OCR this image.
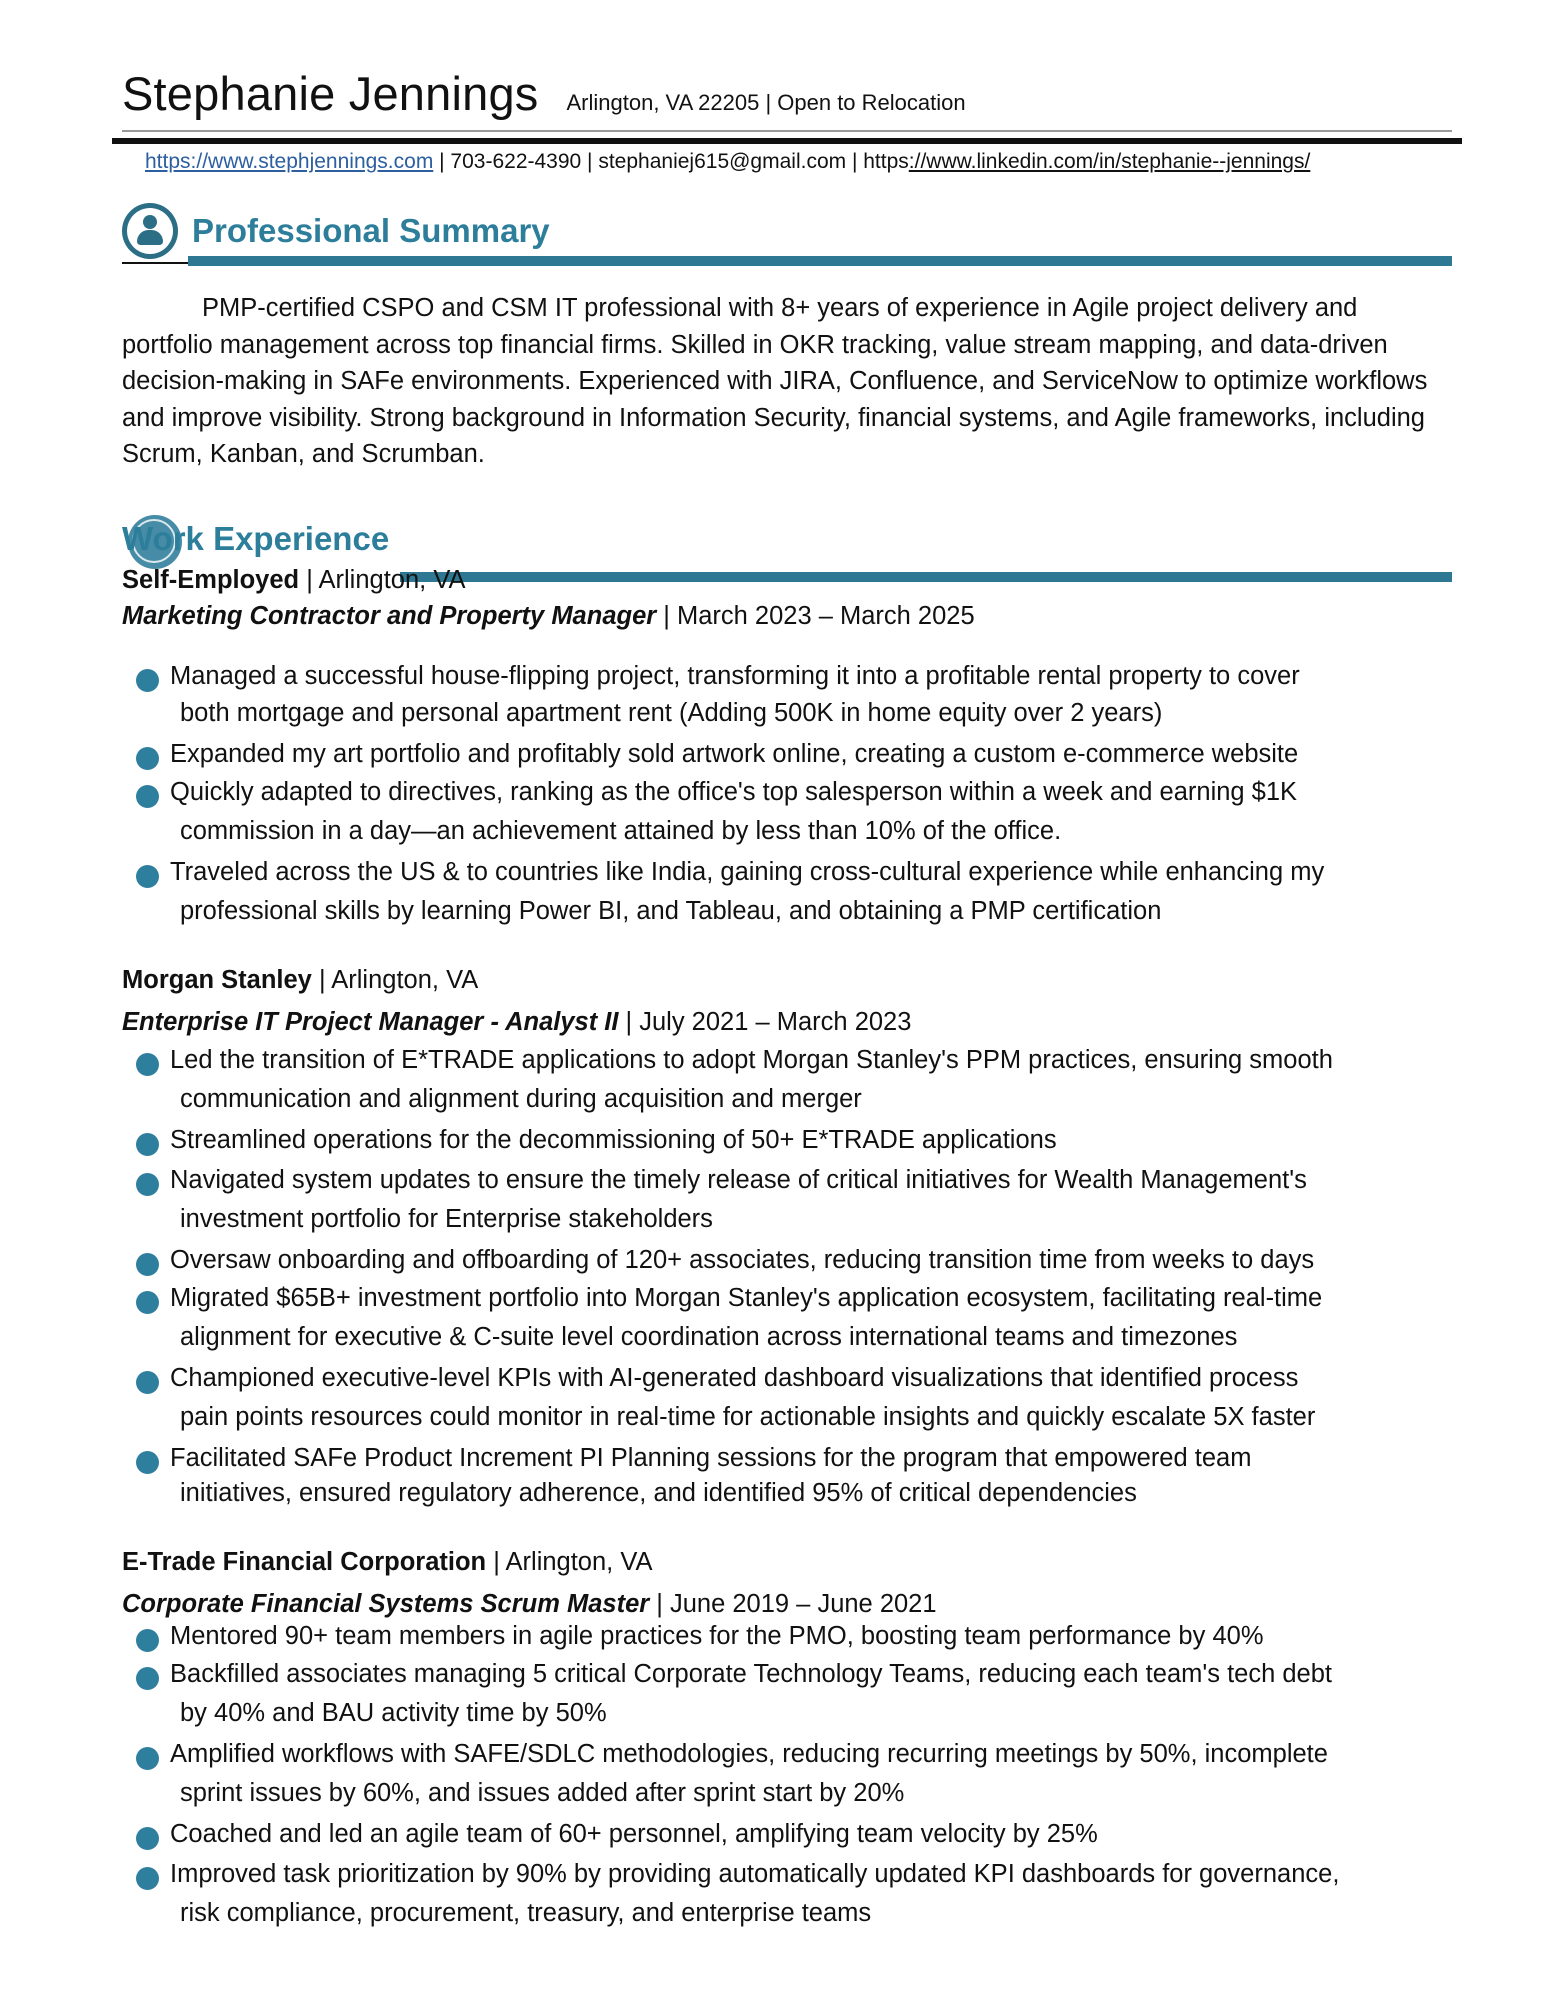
Stephanie Jennings Arlington, VA 22205 | Open to Relocation
https://www.stephjennings.com | 703-622-4390 | stephaniej615@gmail.com | https://www.linkedin.com/in/stephanie--jennings/
Professional Summary

PMP-certified CSPO and CSM IT professional with 8+ years of experience in Agile project delivery and portfolio management across top financial firms. Skilled in OKR tracking, value stream mapping, and data-driven decision-making in SAFe environments. Experienced with JIRA, Confluence, and ServiceNow to optimize workflows and improve visibility. Strong background in Information Security, financial systems, and Agile frameworks, including Scrum, Kanban, and Scrumban.

Work Experience
Self-Employed | Arlington, VA
Marketing Contractor and Property Manager | March 2023 – March 2025
Managed a successful house-flipping project, transforming it into a profitable rental property to cover
both mortgage and personal apartment rent (Adding 500K in home equity over 2 years)
Expanded my art portfolio and profitably sold artwork online, creating a custom e-commerce website
Quickly adapted to directives, ranking as the office's top salesperson within a week and earning $1K
commission in a day—an achievement attained by less than 10% of the office.
Traveled across the US & to countries like India, gaining cross-cultural experience while enhancing my
professional skills by learning Power BI, and Tableau, and obtaining a PMP certification
Morgan Stanley | Arlington, VA
Enterprise IT Project Manager - Analyst II | July 2021 – March 2023
Led the transition of E*TRADE applications to adopt Morgan Stanley's PPM practices, ensuring smooth
communication and alignment during acquisition and merger
Streamlined operations for the decommissioning of 50+ E*TRADE applications
Navigated system updates to ensure the timely release of critical initiatives for Wealth Management's
investment portfolio for Enterprise stakeholders
Oversaw onboarding and offboarding of 120+ associates, reducing transition time from weeks to days
Migrated $65B+ investment portfolio into Morgan Stanley's application ecosystem, facilitating real-time
alignment for executive & C-suite level coordination across international teams and timezones
Championed executive-level KPIs with AI-generated dashboard visualizations that identified process
pain points resources could monitor in real-time for actionable insights and quickly escalate 5X faster
Facilitated SAFe Product Increment PI Planning sessions for the program that empowered team
initiatives, ensured regulatory adherence, and identified 95% of critical dependencies
E-Trade Financial Corporation | Arlington, VA
Corporate Financial Systems Scrum Master | June 2019 – June 2021
Mentored 90+ team members in agile practices for the PMO, boosting team performance by 40%
Backfilled associates managing 5 critical Corporate Technology Teams, reducing each team's tech debt
by 40% and BAU activity time by 50%
Amplified workflows with SAFE/SDLC methodologies, reducing recurring meetings by 50%, incomplete
sprint issues by 60%, and issues added after sprint start by 20%
Coached and led an agile team of 60+ personnel, amplifying team velocity by 25%
Improved task prioritization by 90% by providing automatically updated KPI dashboards for governance,
risk compliance, procurement, treasury, and enterprise teams
